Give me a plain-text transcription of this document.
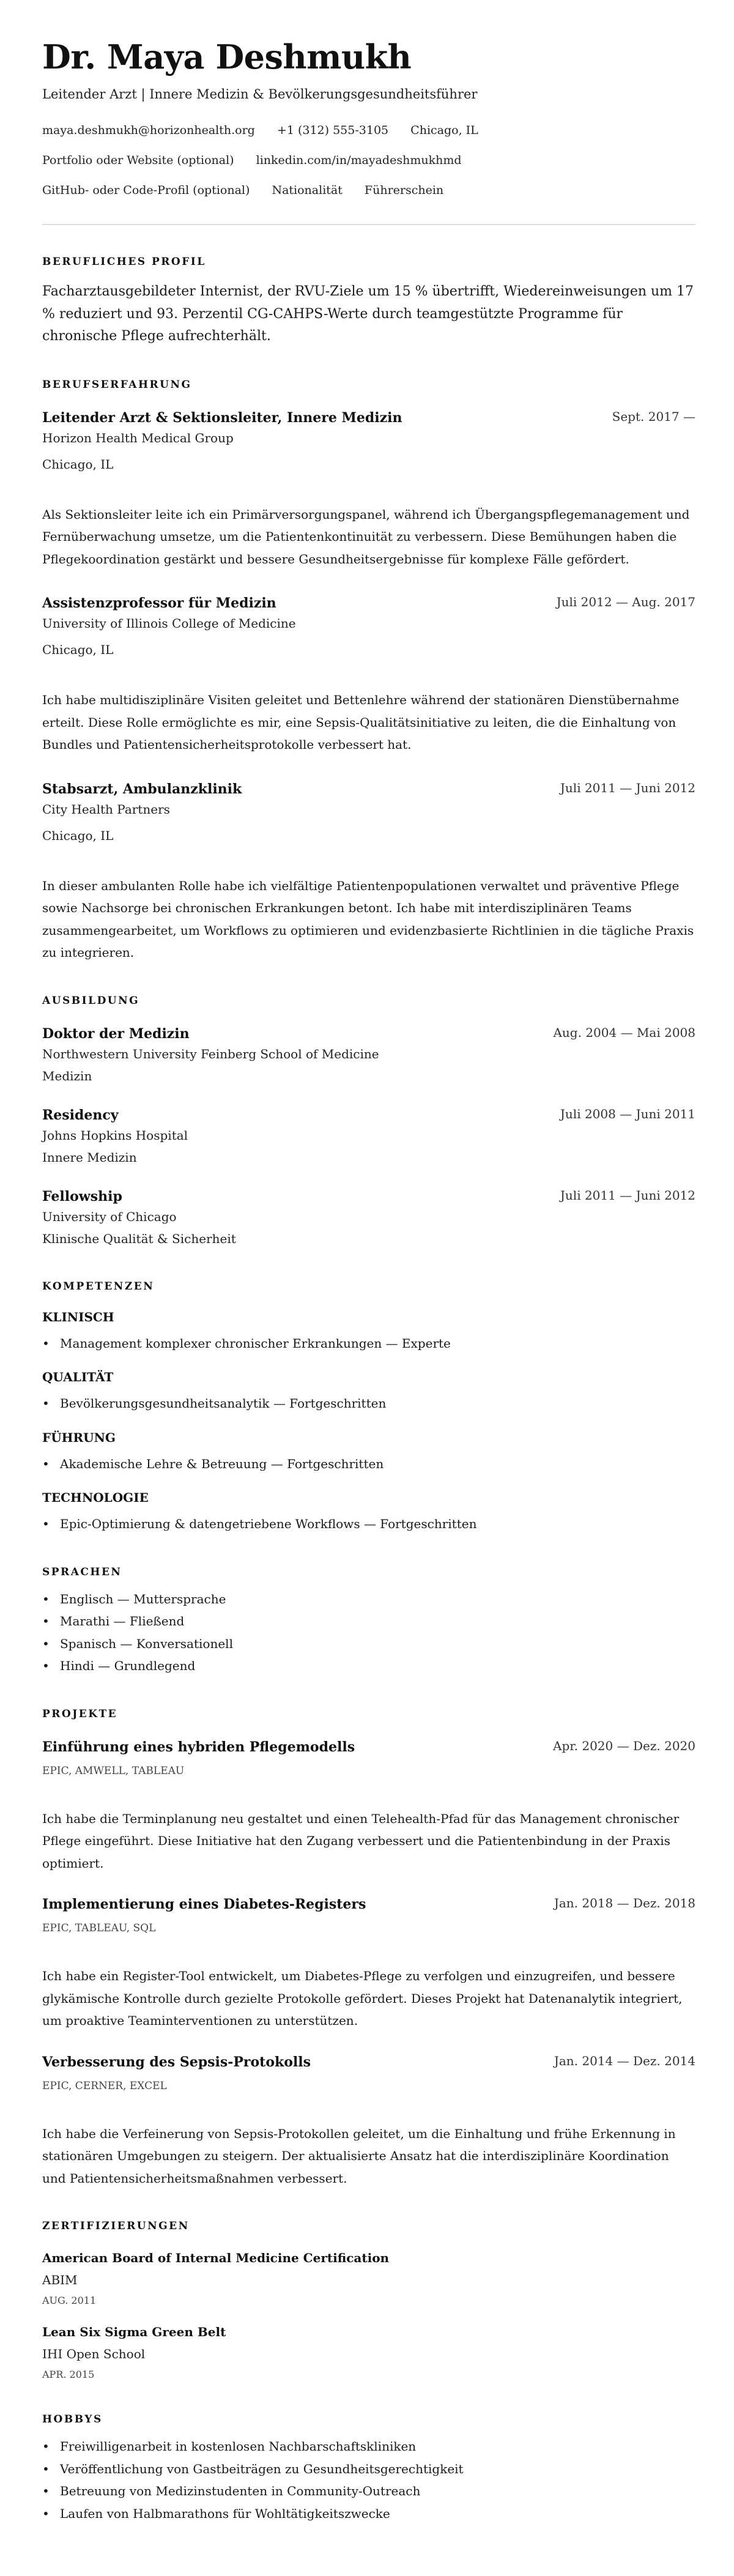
Dr. Maya Deshmukh
Leitender Arzt | Innere Medizin & Bevölkerungsgesundheitsführer
maya.deshmukh@horizonhealth.org +1 (312) 555-3105 Chicago, IL
Portfolio oder Website (optional) linkedin.com/in/mayadeshmukhmd
GitHub- oder Code-Profil (optional) Nationalität Führerschein
BERUFLICHES PROFIL

Facharztausgebildeter Internist, der RVU-Ziele um 15 % übertrifft, Wiedereinweisungen um 17 % reduziert und 93. Perzentil CG-CAHPS-Werte durch teamgestützte Programme für chronische Pflege aufrechterhält.

BERUFSERFAHRUNG
Leitender Arzt & Sektionsleiter, Innere Medizin	Sept. 2017 —
Horizon Health Medical Group
Chicago, IL
Als Sektionsleiter leite ich ein Primärversorgungspanel, während ich Übergangspflegemanagement und Fernüberwachung umsetze, um die Patientenkontinuität zu verbessern. Diese Bemühungen haben die Pflegekoordination gestärkt und bessere Gesundheitsergebnisse für komplexe Fälle gefördert.
Assistenzprofessor für Medizin	Juli 2012 — Aug. 2017
University of Illinois College of Medicine
Chicago, IL
Ich habe multidisziplinäre Visiten geleitet und Bettenlehre während der stationären Dienstübernahme erteilt. Diese Rolle ermöglichte es mir, eine Sepsis-Qualitätsinitiative zu leiten, die die Einhaltung von Bundles und Patientensicherheitsprotokolle verbessert hat.
Stabsarzt, Ambulanzklinik	Juli 2011 — Juni 2012
City Health Partners
Chicago, IL
In dieser ambulanten Rolle habe ich vielfältige Patientenpopulationen verwaltet und präventive Pflege sowie Nachsorge bei chronischen Erkrankungen betont. Ich habe mit interdisziplinären Teams zusammengearbeitet, um Workflows zu optimieren und evidenzbasierte Richtlinien in die tägliche Praxis zu integrieren.
AUSBILDUNG
Doktor der Medizin	Aug. 2004 — Mai 2008
Northwestern University Feinberg School of Medicine
Medizin
Residency	Juli 2008 — Juni 2011
Johns Hopkins Hospital
Innere Medizin
Fellowship	Juli 2011 — Juni 2012
University of Chicago
Klinische Qualität & Sicherheit
KOMPETENZEN
KLINISCH
• Management komplexer chronischer Erkrankungen — Experte
QUALITÄT
• Bevölkerungsgesundheitsanalytik — Fortgeschritten
FÜHRUNG
• Akademische Lehre & Betreuung — Fortgeschritten
TECHNOLOGIE
• Epic-Optimierung & datengetriebene Workflows — Fortgeschritten
SPRACHEN
• Englisch — Muttersprache
• Marathi — Fließend
• Spanisch — Konversationell
• Hindi — Grundlegend
PROJEKTE
Einführung eines hybriden Pflegemodells	Apr. 2020 — Dez. 2020
EPIC, AMWELL, TABLEAU
Ich habe die Terminplanung neu gestaltet und einen Telehealth-Pfad für das Management chronischer Pflege eingeführt. Diese Initiative hat den Zugang verbessert und die Patientenbindung in der Praxis optimiert.
Implementierung eines Diabetes-Registers	Jan. 2018 — Dez. 2018
EPIC, TABLEAU, SQL
Ich habe ein Register-Tool entwickelt, um Diabetes-Pflege zu verfolgen und einzugreifen, und bessere glykämische Kontrolle durch gezielte Protokolle gefördert. Dieses Projekt hat Datenanalytik integriert, um proaktive Teaminterventionen zu unterstützen.
Verbesserung des Sepsis-Protokolls	Jan. 2014 — Dez. 2014
EPIC, CERNER, EXCEL
Ich habe die Verfeinerung von Sepsis-Protokollen geleitet, um die Einhaltung und frühe Erkennung in stationären Umgebungen zu steigern. Der aktualisierte Ansatz hat die interdisziplinäre Koordination und Patientensicherheitsmaßnahmen verbessert.
ZERTIFIZIERUNGEN
American Board of Internal Medicine Certification
ABIM
AUG. 2011
Lean Six Sigma Green Belt
IHI Open School
APR. 2015
HOBBYS
• Freiwilligenarbeit in kostenlosen Nachbarschaftskliniken
• Veröffentlichung von Gastbeiträgen zu Gesundheitsgerechtigkeit
• Betreuung von Medizinstudenten in Community-Outreach
• Laufen von Halbmarathons für Wohltätigkeitszwecke
